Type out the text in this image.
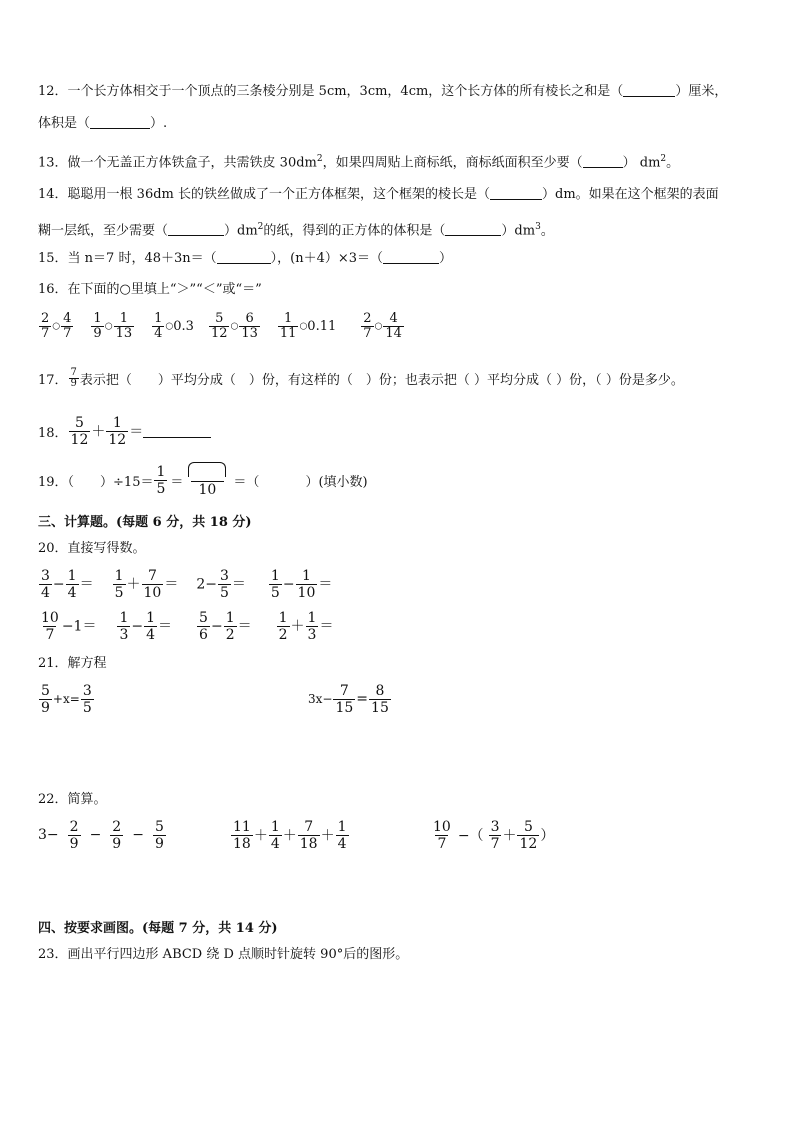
12．一个长方体相交于一个顶点的三条棱分别是 5cm，3cm，4cm，这个长方体的所有棱长之和是（	）厘米，
体积是（	）.
13．做一个无盖正方体铁盒子，共需铁皮 $30dm^2$，如果四周贴上商标纸，商标纸面积至少要（	） $dm^2$。
14．聪聪用一根 36dm 长的铁丝做成了一个正方体框架，这个框架的棱长是（	）dm。如果在这个框架的表面
糊一层纸，至少需要（	）$dm^2$的纸，得到的正方体的体积是（	）$dm^3$。
15．当 n＝7 时，48＋3n＝（	），(n＋4）×3＝（	）
16．在下面的○里填上“＞”“＜”或“＝”
$\frac{2}{7}$ ○ $\frac{4}{7} \frac{1}{9}$ ○ $\frac{1}{13} \frac{1}{4}$ ○0.3 $\frac{5}{12}$ ○ $\frac{6}{13} \frac{1}{11}$ ○0.11 $\frac{2}{7}$ ○ $\frac{4}{14}$
17． $\frac{7}{9}$ 表示把（　　）平均分成（　）份，有这样的（　）份；也表示把（ ）平均分成（ ）份，（ ）份是多少。
18． $\frac{5}{12} + \frac{1}{12}$ ＝
19．（　　）$\div 15= \frac{1}{5}$ ＝	10	＝（	）(填小数)
三、计算题。(每题 6 分，共 18 分)
20．直接写得数。
$\frac{3}{4} - \frac{1}{4} = \frac{1}{5} + \frac{7}{10} = 2- \frac{3}{5} = \frac{1}{5} - \frac{1}{10}$ ＝
$\frac{10}{7} -1= \frac{1}{3} - \frac{1}{4} = \frac{5}{6} - \frac{1}{2} = \frac{1}{2} + \frac{1}{3}$ ＝
21．解方程
$\frac{5}{9} +x= \frac{3}{5}$	$3x- \frac{7}{15} = \frac{8}{15}$
22．简算。
$3- \frac{2}{9} - \frac{2}{9} - \frac{5}{9}$	$\frac{11}{18} + \frac{1}{4} + \frac{7}{18} + \frac{1}{4}$	$\frac{10}{7}$ −（ $\frac{3}{7} + \frac{5}{12}$ ）
四、按要求画图。(每题 7 分，共 14 分)
23．画出平行四边形 ABCD 绕 D 点顺时针旋转 90°后的图形。
